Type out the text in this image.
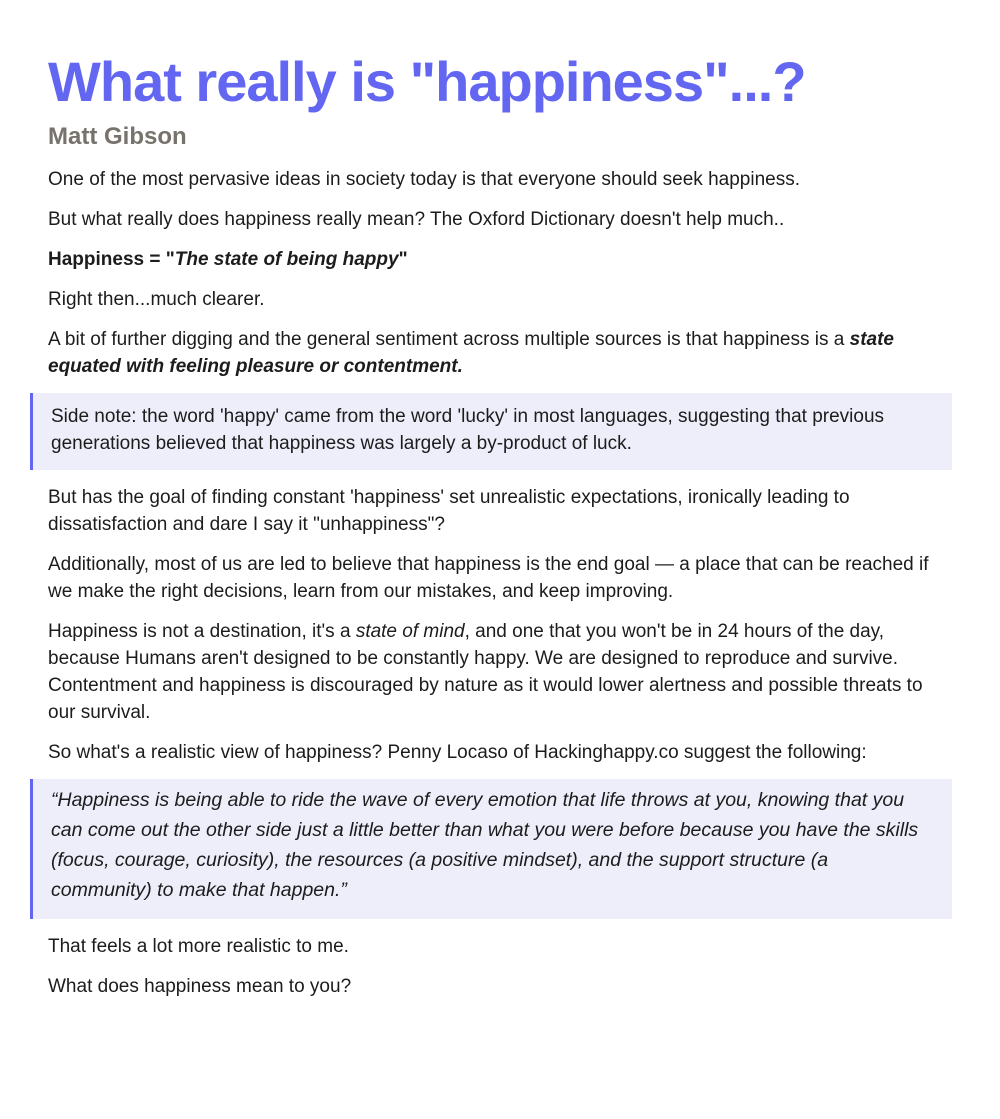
What really is "happiness"...?
Matt Gibson

One of the most pervasive ideas in society today is that everyone should seek happiness.

But what really does happiness really mean? The Oxford Dictionary doesn't help much..

Happiness = "The state of being happy"

Right then...much clearer.

A bit of further digging and the general sentiment across multiple sources is that happiness is a state equated with feeling pleasure or contentment.

Side note: the word 'happy' came from the word 'lucky' in most languages, suggesting that previous generations believed that happiness was largely a by-product of luck.

But has the goal of finding constant 'happiness' set unrealistic expectations, ironically leading to dissatisfaction and dare I say it "unhappiness"?

Additionally, most of us are led to believe that happiness is the end goal — a place that can be reached if we make the right decisions, learn from our mistakes, and keep improving.

Happiness is not a destination, it's a state of mind, and one that you won't be in 24 hours of the day, because Humans aren't designed to be constantly happy. We are designed to reproduce and survive. Contentment and happiness is discouraged by nature as it would lower alertness and possible threats to our survival.

So what's a realistic view of happiness? Penny Locaso of Hackinghappy.co suggest the following:

“Happiness is being able to ride the wave of every emotion that life throws at you, knowing that you can come out the other side just a little better than what you were before because you have the skills (focus, courage, curiosity), the resources (a positive mindset), and the support structure (a community) to make that happen.”

That feels a lot more realistic to me.

What does happiness mean to you?
